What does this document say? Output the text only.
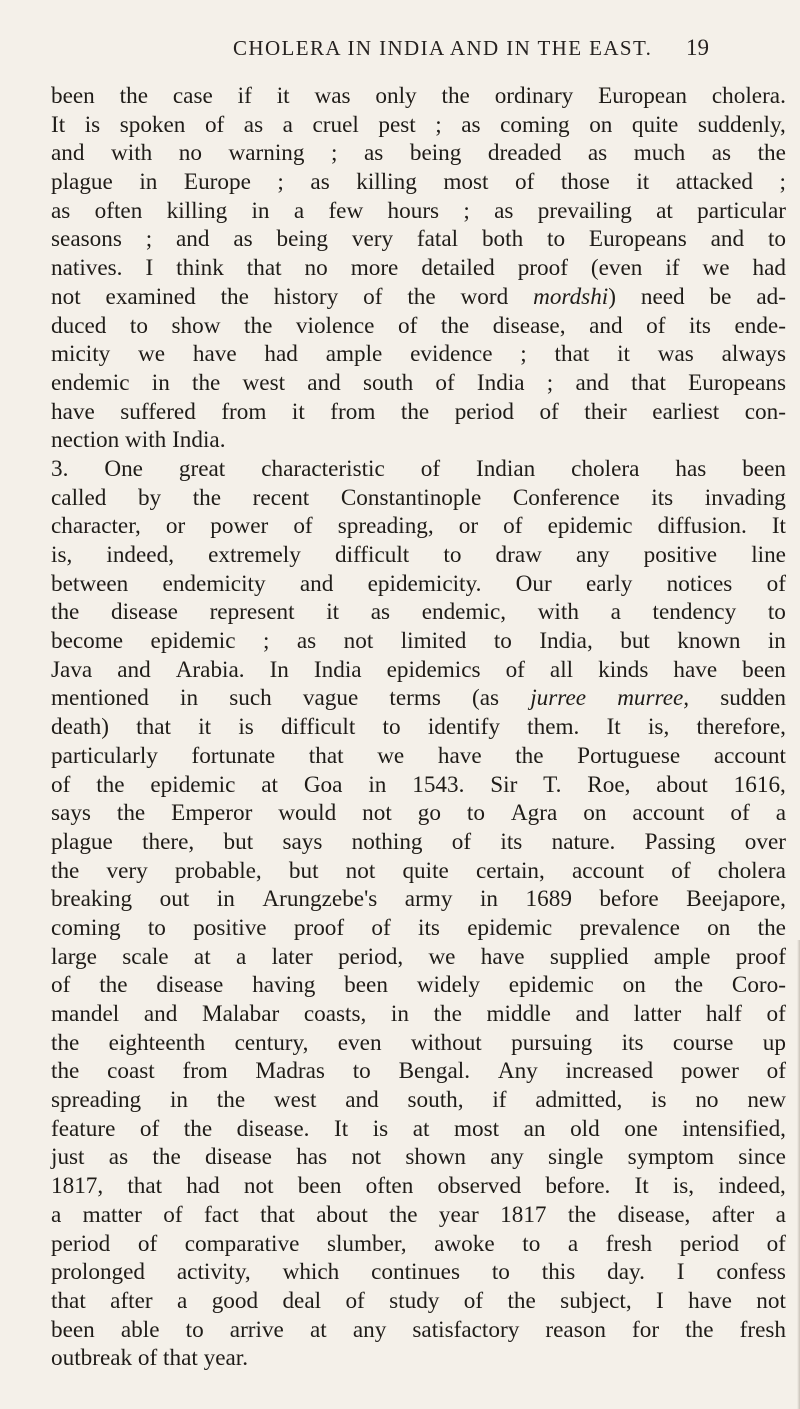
CHOLERA IN INDIA AND IN THE EAST. 19
been the case if it was only the ordinary European cholera.
It is spoken of as a cruel pest ; as coming on quite suddenly,
and with no warning ; as being dreaded as much as the
plague in Europe ; as killing most of those it attacked ;
as often killing in a few hours ; as prevailing at particular
seasons ; and as being very fatal both to Europeans and to
natives. I think that no more detailed proof (even if we had
not examined the history of the word mordshi) need be ad-
duced to show the violence of the disease, and of its ende-
micity we have had ample evidence ; that it was always
endemic in the west and south of India ; and that Europeans
have suffered from it from the period of their earliest con-
nection with India.
3. One great characteristic of Indian cholera has been
called by the recent Constantinople Conference its invading
character, or power of spreading, or of epidemic diffusion. It
is, indeed, extremely difficult to draw any positive line
between endemicity and epidemicity. Our early notices of
the disease represent it as endemic, with a tendency to
become epidemic ; as not limited to India, but known in
Java and Arabia. In India epidemics of all kinds have been
mentioned in such vague terms (as jurree murree, sudden
death) that it is difficult to identify them. It is, therefore,
particularly fortunate that we have the Portuguese account
of the epidemic at Goa in 1543. Sir T. Roe, about 1616,
says the Emperor would not go to Agra on account of a
plague there, but says nothing of its nature. Passing over
the very probable, but not quite certain, account of cholera
breaking out in Arungzebe's army in 1689 before Beejapore,
coming to positive proof of its epidemic prevalence on the
large scale at a later period, we have supplied ample proof
of the disease having been widely epidemic on the Coro-
mandel and Malabar coasts, in the middle and latter half of
the eighteenth century, even without pursuing its course up
the coast from Madras to Bengal. Any increased power of
spreading in the west and south, if admitted, is no new
feature of the disease. It is at most an old one intensified,
just as the disease has not shown any single symptom since
1817, that had not been often observed before. It is, indeed,
a matter of fact that about the year 1817 the disease, after a
period of comparative slumber, awoke to a fresh period of
prolonged activity, which continues to this day. I confess
that after a good deal of study of the subject, I have not
been able to arrive at any satisfactory reason for the fresh
outbreak of that year.
